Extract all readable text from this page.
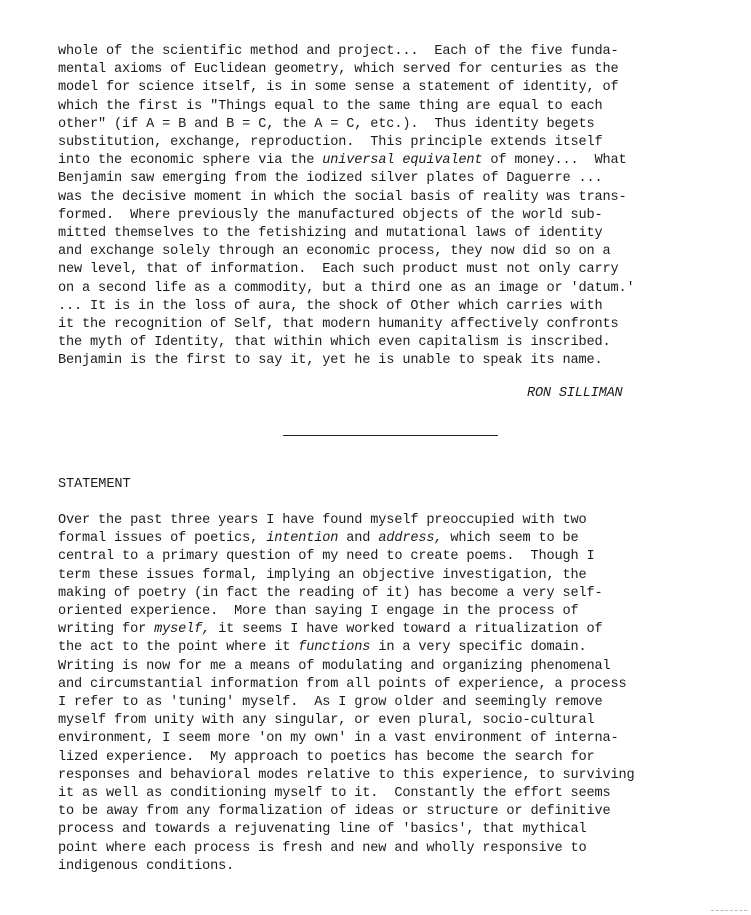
whole of the scientific method and project...  Each of the five funda-
mental axioms of Euclidean geometry, which served for centuries as the
model for science itself, is in some sense a statement of identity, of
which the first is "Things equal to the same thing are equal to each
other" (if A = B and B = C, the A = C, etc.).  Thus identity begets
substitution, exchange, reproduction.  This principle extends itself
into the economic sphere via the universal equivalent of money...  What
Benjamin saw emerging from the iodized silver plates of Daguerre ...
was the decisive moment in which the social basis of reality was trans-
formed.  Where previously the manufactured objects of the world sub-
mitted themselves to the fetishizing and mutational laws of identity
and exchange solely through an economic process, they now did so on a
new level, that of information.  Each such product must not only carry
on a second life as a commodity, but a third one as an image or 'datum.'
... It is in the loss of aura, the shock of Other which carries with
it the recognition of Self, that modern humanity affectively confronts
the myth of Identity, that within which even capitalism is inscribed.
Benjamin is the first to say it, yet he is unable to speak its name.
RON SILLIMAN
STATEMENT
Over the past three years I have found myself preoccupied with two
formal issues of poetics, intention and address, which seem to be
central to a primary question of my need to create poems.  Though I
term these issues formal, implying an objective investigation, the
making of poetry (in fact the reading of it) has become a very self-
oriented experience.  More than saying I engage in the process of
writing for myself, it seems I have worked toward a ritualization of
the act to the point where it functions in a very specific domain.
Writing is now for me a means of modulating and organizing phenomenal
and circumstantial information from all points of experience, a process
I refer to as 'tuning' myself.  As I grow older and seemingly remove
myself from unity with any singular, or even plural, socio-cultural
environment, I seem more 'on my own' in a vast environment of interna-
lized experience.  My approach to poetics has become the search for
responses and behavioral modes relative to this experience, to surviving
it as well as conditioning myself to it.  Constantly the effort seems
to be away from any formalization of ideas or structure or definitive
process and towards a rejuvenating line of 'basics', that mythical
point where each process is fresh and new and wholly responsive to
indigenous conditions.
